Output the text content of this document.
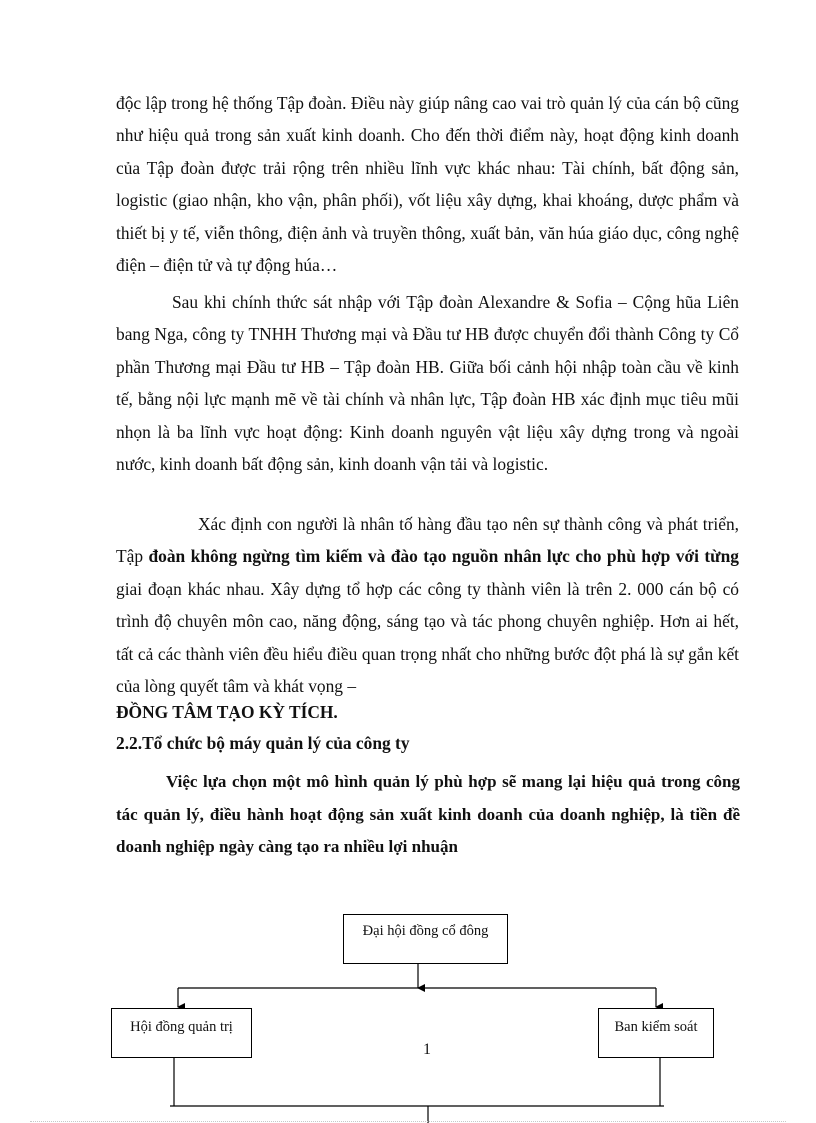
độc lập trong hệ thống Tập đoàn. Điều này giúp nâng cao vai trò quản lý của cán bộ cũng như hiệu quả trong sản xuất kinh doanh. Cho đến thời điểm này, hoạt động kinh doanh của Tập đoàn được trải rộng trên nhiều lĩnh vực khác nhau: Tài chính, bất động sản, logistic (giao nhận, kho vận, phân phối), vốt liệu xây dựng, khai khoáng, dược phẩm và thiết bị y tế, viễn thông, điện ảnh và truyền thông, xuất bản, văn húa giáo dục, công nghệ điện – điện tử và tự động húa…

Sau khi chính thức sát nhập với Tập đoàn Alexandre & Sofia – Cộng hũa Liên bang Nga, công ty TNHH Thương mại và Đầu tư HB được chuyển đổi thành Công ty Cổ phần Thương mại Đầu tư HB – Tập đoàn HB. Giữa bối cảnh hội nhập toàn cầu về kinh tế, bằng nội lực mạnh mẽ về tài chính và nhân lực, Tập đoàn HB xác định mục tiêu mũi nhọn là ba lĩnh vực hoạt động: Kinh doanh nguyên vật liệu xây dựng trong và ngoài nước, kinh doanh bất động sản, kinh doanh vận tải và logistic.

Xác định con người là nhân tố hàng đầu tạo nên sự thành công và phát triển, Tập đoàn không ngừng tìm kiếm và đào tạo nguồn nhân lực cho phù hợp với từng giai đoạn khác nhau. Xây dựng tổ hợp các công ty thành viên là trên 2. 000 cán bộ có trình độ chuyên môn cao, năng động, sáng tạo và tác phong chuyên nghiệp. Hơn ai hết, tất cả các thành viên đều hiểu điều quan trọng nhất cho những bước đột phá là sự gắn kết của lòng quyết tâm và khát vọng –

ĐỒNG TÂM TẠO KỲ TÍCH.
2.2.Tổ chức bộ máy quản lý của công ty

Việc lựa chọn một mô hình quản lý phù hợp sẽ mang lại hiệu quả trong công tác quản lý, điều hành hoạt động sản xuất kinh doanh của doanh nghiệp, là tiền đề doanh nghiệp ngày càng tạo ra nhiều lợi nhuận

Đại hội đồng cổ đông
Hội đồng quản trị	Ban kiểm soát
1
